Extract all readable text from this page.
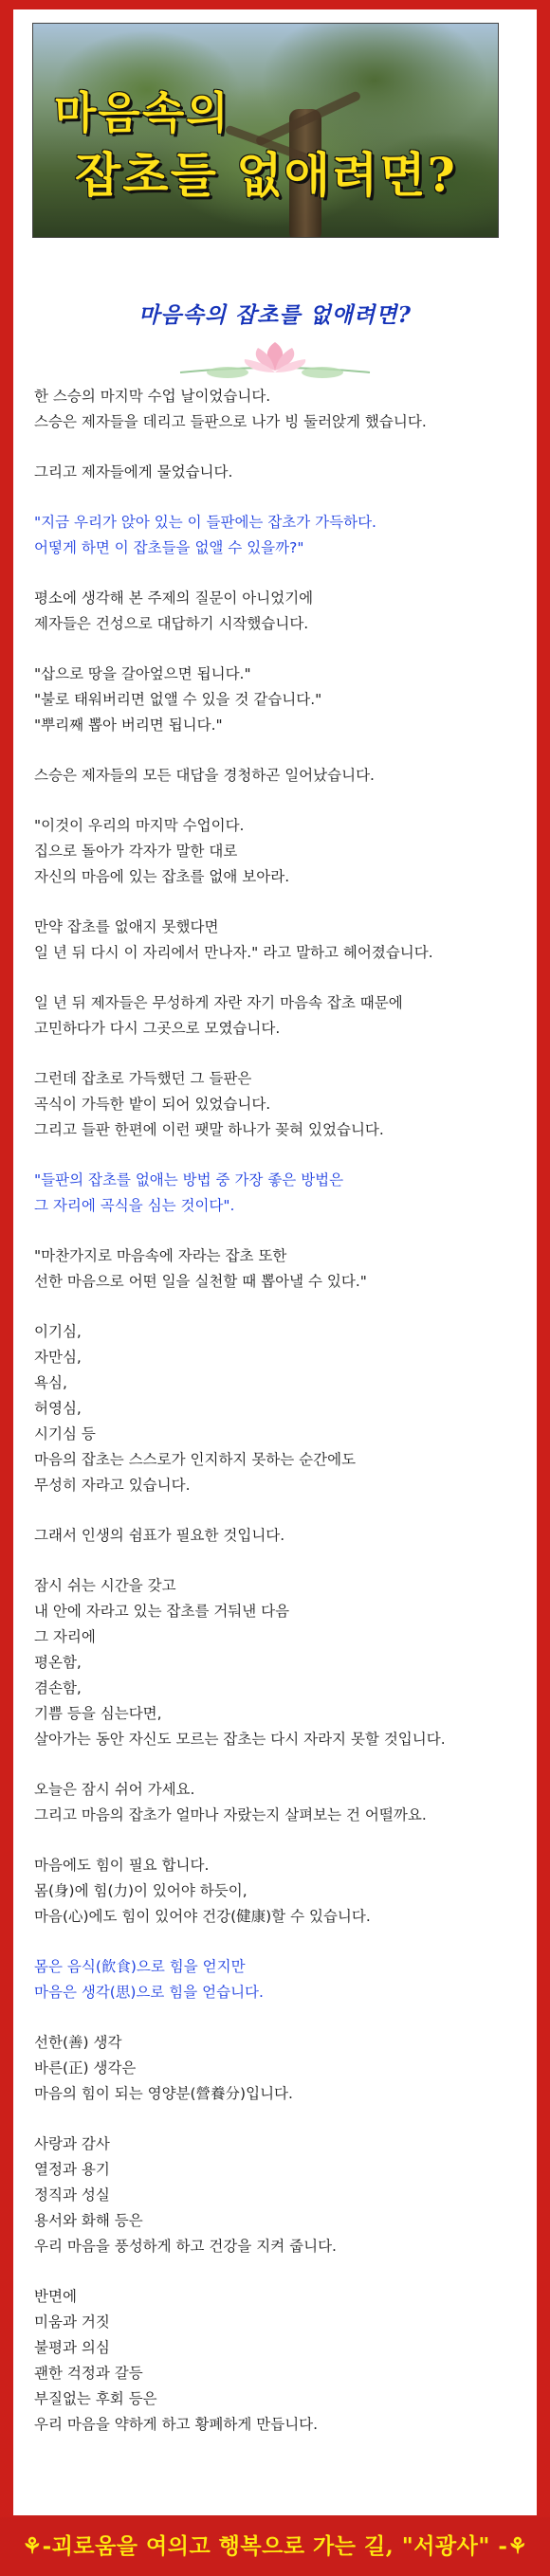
마음속의
잡초들 없애려면?
마음속의 잡초를 없애려면?

한 스승의 마지막 수업 날이었습니다.
스승은 제자들을 데리고 들판으로 나가 빙 둘러앉게 했습니다.

그리고 제자들에게 물었습니다.

"지금 우리가 앉아 있는 이 들판에는 잡초가 가득하다.
어떻게 하면 이 잡초들을 없앨 수 있을까?"

평소에 생각해 본 주제의 질문이 아니었기에
제자들은 건성으로 대답하기 시작했습니다.

"삽으로 땅을 갈아엎으면 됩니다."
"불로 태워버리면 없앨 수 있을 것 같습니다."
"뿌리째 뽑아 버리면 됩니다."

스승은 제자들의 모든 대답을 경청하곤 일어났습니다.

"이것이 우리의 마지막 수업이다.
집으로 돌아가 각자가 말한 대로
자신의 마음에 있는 잡초를 없애 보아라.

만약 잡초를 없애지 못했다면
일 년 뒤 다시 이 자리에서 만나자." 라고 말하고 헤어졌습니다.

일 년 뒤 제자들은 무성하게 자란 자기 마음속 잡초 때문에
고민하다가 다시 그곳으로 모였습니다.

그런데 잡초로 가득했던 그 들판은
곡식이 가득한 밭이 되어 있었습니다.
그리고 들판 한편에 이런 팻말 하나가 꽂혀 있었습니다.

"들판의 잡초를 없애는 방법 중 가장 좋은 방법은
그 자리에 곡식을 심는 것이다".

"마찬가지로 마음속에 자라는 잡초 또한
선한 마음으로 어떤 일을 실천할 때 뽑아낼 수 있다."

이기심,
자만심,
욕심,
허영심,
시기심 등
마음의 잡초는 스스로가 인지하지 못하는 순간에도
무성히 자라고 있습니다.

그래서 인생의 쉼표가 필요한 것입니다.

잠시 쉬는 시간을 갖고
내 안에 자라고 있는 잡초를 거둬낸 다음
그 자리에
평온함,
겸손함,
기쁨 등을 심는다면,
살아가는 동안 자신도 모르는 잡초는 다시 자라지 못할 것입니다.

오늘은 잠시 쉬어 가세요.
그리고 마음의 잡초가 얼마나 자랐는지 살펴보는 건 어떨까요.

마음에도 힘이 필요 합니다.
몸(身)에 힘(力)이 있어야 하듯이,
마음(心)에도 힘이 있어야 건강(健康)할 수 있습니다.

몸은 음식(飮食)으로 힘을 얻지만
마음은 생각(思)으로 힘을 얻습니다.

선한(善) 생각
바른(正) 생각은
마음의 힘이 되는 영양분(營養分)입니다.

사랑과 감사
열정과 용기
정직과 성실
용서와 화해 등은
우리 마음을 풍성하게 하고 건강을 지켜 줍니다.

반면에
미움과 거짓
불평과 의심
괜한 걱정과 갈등
부질없는 후회 등은
우리 마음을 약하게 하고 황폐하게 만듭니다.

⚘-괴로움을 여의고 행복으로 가는 길, "서광사" -⚘
